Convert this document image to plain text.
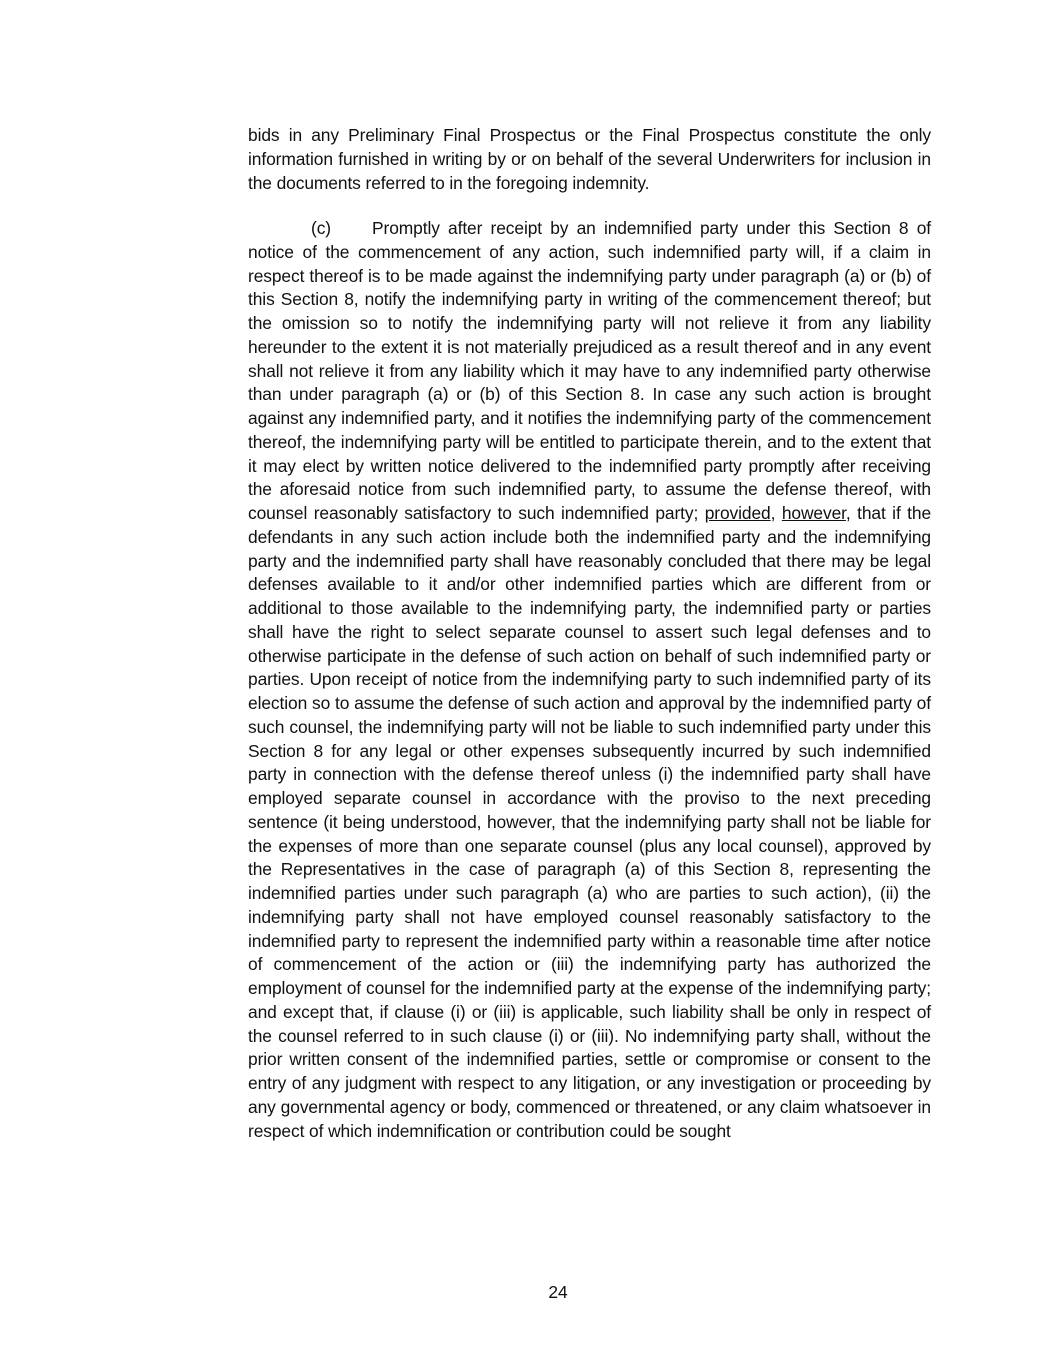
bids in any Preliminary Final Prospectus or the Final Prospectus constitute the only information furnished in writing by or on behalf of the several Underwriters for inclusion in the documents referred to in the foregoing indemnity.

(c) Promptly after receipt by an indemnified party under this Section 8 of notice of the commencement of any action, such indemnified party will, if a claim in respect thereof is to be made against the indemnifying party under paragraph (a) or (b) of this Section 8, notify the indemnifying party in writing of the commencement thereof; but the omission so to notify the indemnifying party will not relieve it from any liability hereunder to the extent it is not materially prejudiced as a result thereof and in any event shall not relieve it from any liability which it may have to any indemnified party otherwise than under paragraph (a) or (b) of this Section 8. In case any such action is brought against any indemnified party, and it notifies the indemnifying party of the commencement thereof, the indemnifying party will be entitled to participate therein, and to the extent that it may elect by written notice delivered to the indemnified party promptly after receiving the aforesaid notice from such indemnified party, to assume the defense thereof, with counsel reasonably satisfactory to such indemnified party; provided, however, that if the defendants in any such action include both the indemnified party and the indemnifying party and the indemnified party shall have reasonably concluded that there may be legal defenses available to it and/or other indemnified parties which are different from or additional to those available to the indemnifying party, the indemnified party or parties shall have the right to select separate counsel to assert such legal defenses and to otherwise participate in the defense of such action on behalf of such indemnified party or parties. Upon receipt of notice from the indemnifying party to such indemnified party of its election so to assume the defense of such action and approval by the indemnified party of such counsel, the indemnifying party will not be liable to such indemnified party under this Section 8 for any legal or other expenses subsequently incurred by such indemnified party in connection with the defense thereof unless (i) the indemnified party shall have employed separate counsel in accordance with the proviso to the next preceding sentence (it being understood, however, that the indemnifying party shall not be liable for the expenses of more than one separate counsel (plus any local counsel), approved by the Representatives in the case of paragraph (a) of this Section 8, representing the indemnified parties under such paragraph (a) who are parties to such action), (ii) the indemnifying party shall not have employed counsel reasonably satisfactory to the indemnified party to represent the indemnified party within a reasonable time after notice of commencement of the action or (iii) the indemnifying party has authorized the employment of counsel for the indemnified party at the expense of the indemnifying party; and except that, if clause (i) or (iii) is applicable, such liability shall be only in respect of the counsel referred to in such clause (i) or (iii). No indemnifying party shall, without the prior written consent of the indemnified parties, settle or compromise or consent to the entry of any judgment with respect to any litigation, or any investigation or proceeding by any governmental agency or body, commenced or threatened, or any claim whatsoever in respect of which indemnification or contribution could be sought

24
